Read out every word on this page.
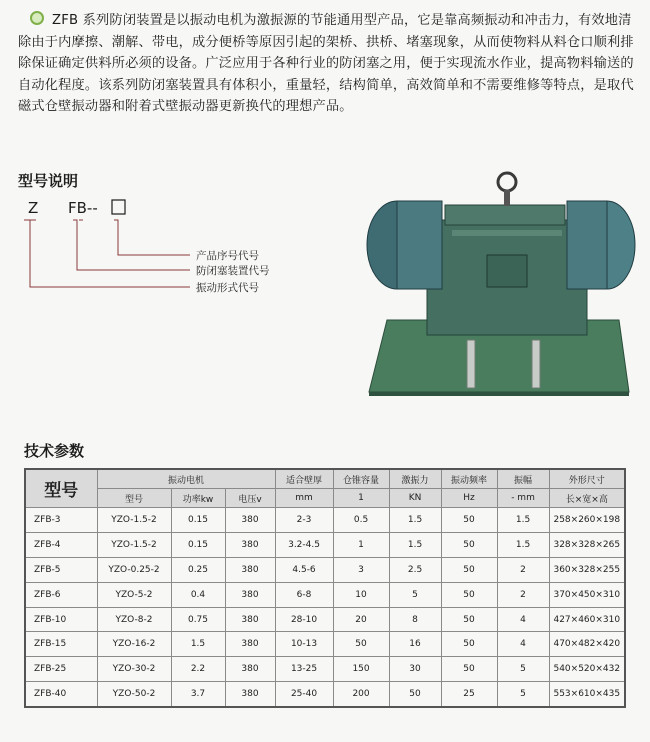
ZFB 系列防闭装置是以振动电机为激振源的节能通用型产品，它是靠高频振动和冲击力，有效地清除由于内摩擦、潮解、带电，成分便桥等原因引起的架桥、拱桥、堵塞现象，从而使物料从料仓口顺利排除保证确定供料所必须的设备。广泛应用于各种行业的防闭塞之用，便于实现流水作业，提高物料输送的自动化程度。该系列防闭塞装置具有体积小，重量轻，结构简单，高效简单和不需要维修等特点，是取代磁式仓壁振动器和附着式壁振动器更新换代的理想产品。

型号说明
Z FB--
产品序号代号
防闭塞装置代号
振动形式代号
技术参数
型号	振动电机			适合壁厚	仓锥容量	激振力	振动频率	振幅	外形尺寸
	型号	功率kw	电压v	mm	1	KN	Hz	- mm	长×宽×高
ZFB-3	YZO-1.5-2	0.15	380	2-3	0.5	1.5	50	1.5	258×260×198
ZFB-4	YZO-1.5-2	0.15	380	3.2-4.5	1	1.5	50	1.5	328×328×265
ZFB-5	YZO-0.25-2	0.25	380	4.5-6	3	2.5	50	2	360×328×255
ZFB-6	YZO-5-2	0.4	380	6-8	10	5	50	2	370×450×310
ZFB-10	YZO-8-2	0.75	380	28-10	20	8	50	4	427×460×310
ZFB-15	YZO-16-2	1.5	380	10-13	50	16	50	4	470×482×420
ZFB-25	YZO-30-2	2.2	380	13-25	150	30	50	5	540×520×432
ZFB-40	YZO-50-2	3.7	380	25-40	200	50	25	5	553×610×435
